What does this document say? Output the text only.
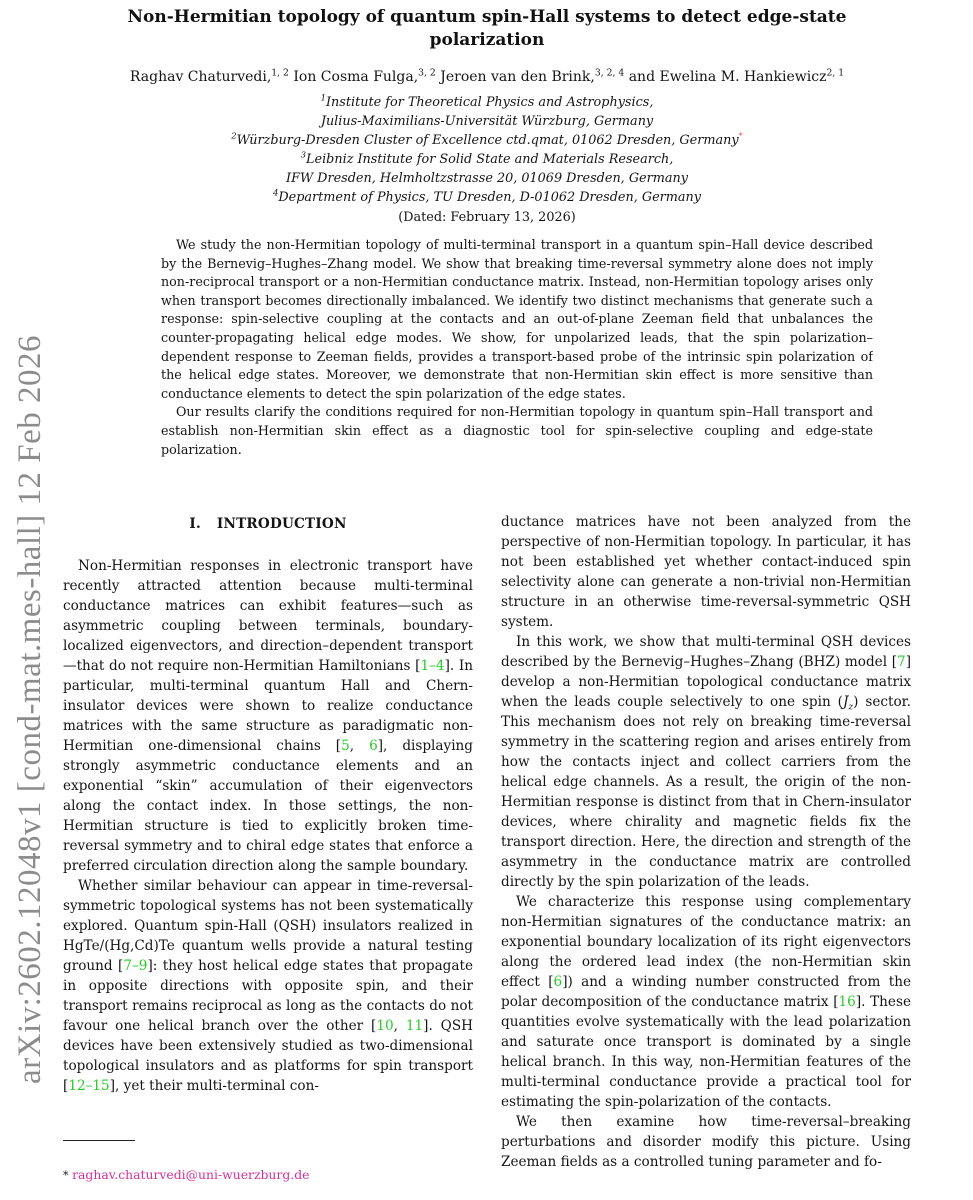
arXiv:2602.12048v1 [cond-mat.mes-hall] 12 Feb 2026
Non-Hermitian topology of quantum spin-Hall systems to detect edge-state polarization

Raghav Chaturvedi,$^{1, 2}$ Ion Cosma Fulga,$^{3, 2}$ Jeroen van den Brink,$^{3, 2, 4}$ and Ewelina M. Hankiewicz$^{2, 1}$

$^1$Institute for Theoretical Physics and Astrophysics,
Julius-Maximilians-Universität Würzburg, Germany
$^2$Würzburg-Dresden Cluster of Excellence ctd.qmat, 01062 Dresden, Germany*
$^3$Leibniz Institute for Solid State and Materials Research,
IFW Dresden, Helmholtzstrasse 20, 01069 Dresden, Germany
$^4$Department of Physics, TU Dresden, D-01062 Dresden, Germany
(Dated: February 13, 2026)

We study the non-Hermitian topology of multi-terminal transport in a quantum spin–Hall device described by the Bernevig–Hughes–Zhang model. We show that breaking time-reversal symmetry alone does not imply non-reciprocal transport or a non-Hermitian conductance matrix. Instead, non-Hermitian topology arises only when transport becomes directionally imbalanced. We identify two distinct mechanisms that generate such a response: spin-selective coupling at the contacts and an out-of-plane Zeeman field that unbalances the counter-propagating helical edge modes. We show, for unpolarized leads, that the spin polarization–dependent response to Zeeman fields, provides a transport-based probe of the intrinsic spin polarization of the helical edge states. Moreover, we demonstrate that non-Hermitian skin effect is more sensitive than conductance elements to detect the spin polarization of the edge states.

Our results clarify the conditions required for non-Hermitian topology in quantum spin–Hall transport and establish non-Hermitian skin effect as a diagnostic tool for spin-selective coupling and edge-state polarization.

I. INTRODUCTION

Non-Hermitian responses in electronic transport have recently attracted attention because multi-terminal conductance matrices can exhibit features—such as asymmetric coupling between terminals, boundary-localized eigenvectors, and direction–dependent transport—that do not require non-Hermitian Hamiltonians [1–4]. In particular, multi-terminal quantum Hall and Chern-insulator devices were shown to realize conductance matrices with the same structure as paradigmatic non-Hermitian one-dimensional chains [5, 6], displaying strongly asymmetric conductance elements and an exponential “skin” accumulation of their eigenvectors along the contact index. In those settings, the non-Hermitian structure is tied to explicitly broken time-reversal symmetry and to chiral edge states that enforce a preferred circulation direction along the sample boundary.

Whether similar behaviour can appear in time-reversal-symmetric topological systems has not been systematically explored. Quantum spin-Hall (QSH) insulators realized in HgTe/(Hg,Cd)Te quantum wells provide a natural testing ground [7–9]: they host helical edge states that propagate in opposite directions with opposite spin, and their transport remains reciprocal as long as the contacts do not favour one helical branch over the other [10, 11]. QSH devices have been extensively studied as two-dimensional topological insulators and as platforms for spin transport [12–15], yet their multi-terminal con-

ductance matrices have not been analyzed from the perspective of non-Hermitian topology. In particular, it has not been established yet whether contact-induced spin selectivity alone can generate a non-trivial non-Hermitian structure in an otherwise time-reversal-symmetric QSH system.

In this work, we show that multi-terminal QSH devices described by the Bernevig–Hughes–Zhang (BHZ) model [7] develop a non-Hermitian topological conductance matrix when the leads couple selectively to one spin $(J_z)$ sector. This mechanism does not rely on breaking time-reversal symmetry in the scattering region and arises entirely from how the contacts inject and collect carriers from the helical edge channels. As a result, the origin of the non-Hermitian response is distinct from that in Chern-insulator devices, where chirality and magnetic fields fix the transport direction. Here, the direction and strength of the asymmetry in the conductance matrix are controlled directly by the spin polarization of the leads.

We characterize this response using complementary non-Hermitian signatures of the conductance matrix: an exponential boundary localization of its right eigenvectors along the ordered lead index (the non-Hermitian skin effect [6]) and a winding number constructed from the polar decomposition of the conductance matrix [16]. These quantities evolve systematically with the lead polarization and saturate once transport is dominated by a single helical branch. In this way, non-Hermitian features of the multi-terminal conductance provide a practical tool for estimating the spin-polarization of the contacts.

We then examine how time-reversal–breaking perturbations and disorder modify this picture. Using Zeeman fields as a controlled tuning parameter and fo-

* raghav.chaturvedi@uni-wuerzburg.de
